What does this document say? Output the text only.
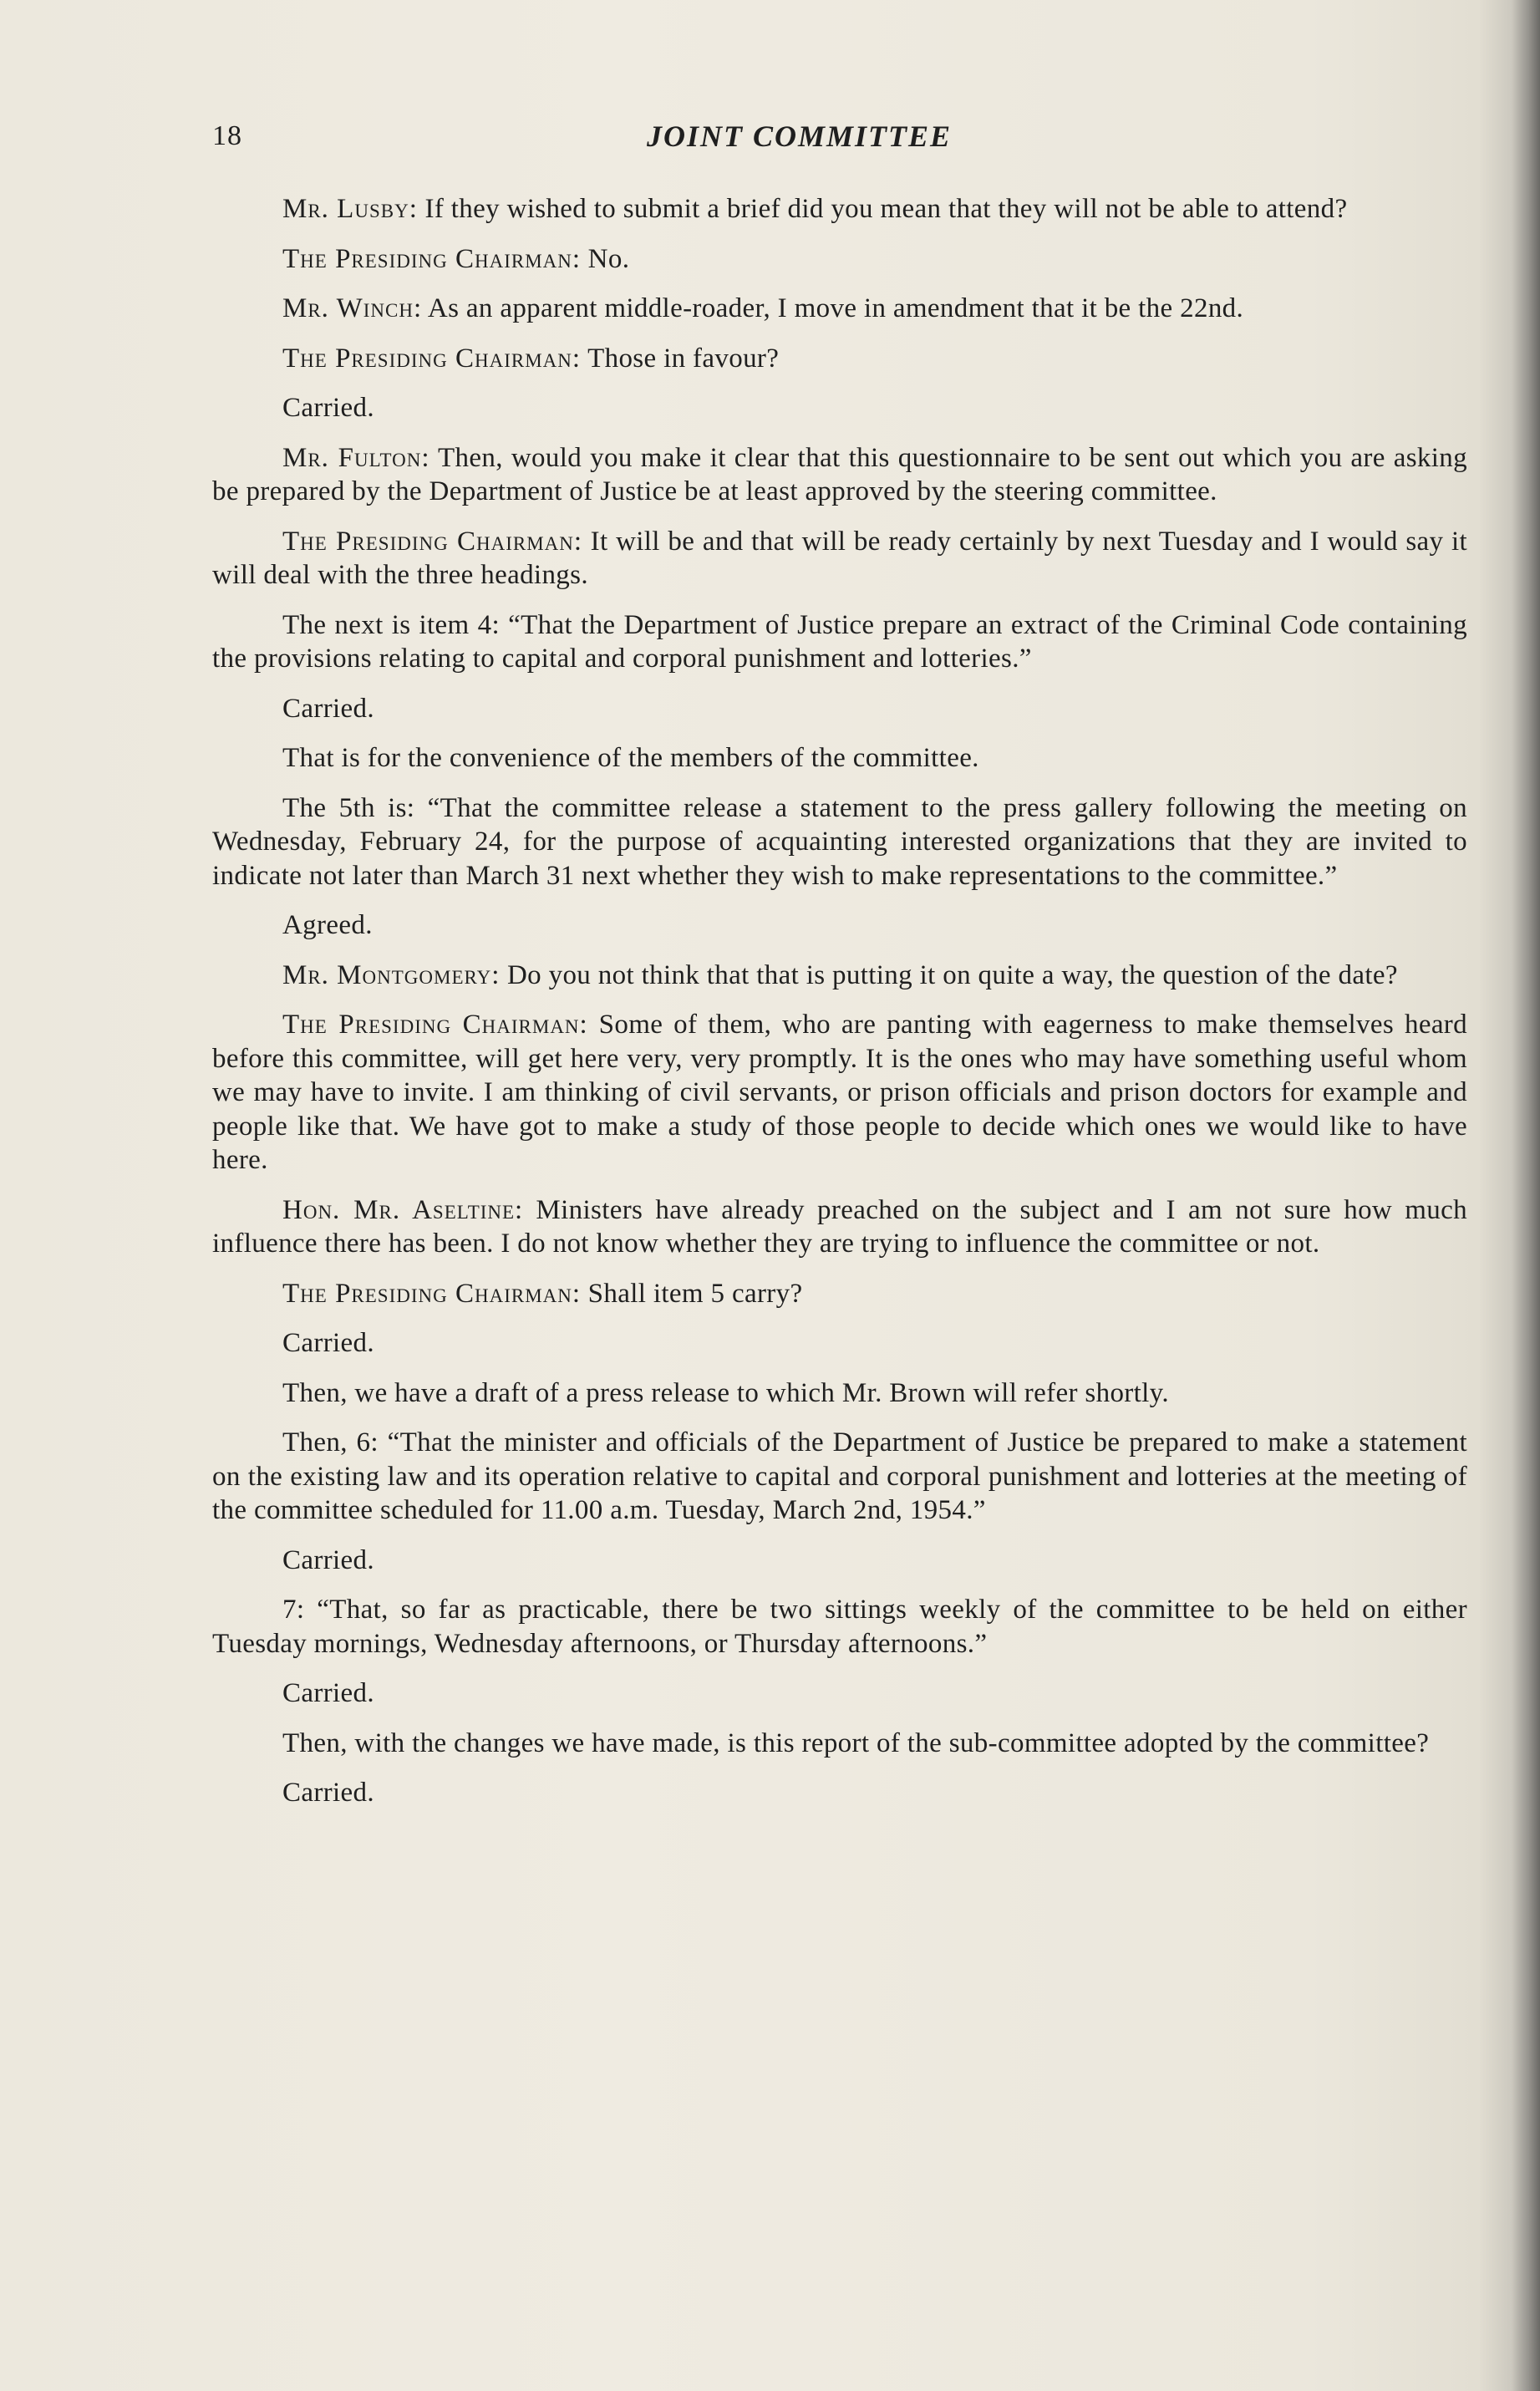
18	JOINT COMMITTEE

Mr. Lusby: If they wished to submit a brief did you mean that they will not be able to attend?

The Presiding Chairman: No.

Mr. Winch: As an apparent middle-roader, I move in amendment that it be the 22nd.

The Presiding Chairman: Those in favour?

Carried.

Mr. Fulton: Then, would you make it clear that this questionnaire to be sent out which you are asking be prepared by the Department of Justice be at least approved by the steering committee.

The Presiding Chairman: It will be and that will be ready certainly by next Tuesday and I would say it will deal with the three headings.

The next is item 4: “That the Department of Justice prepare an extract of the Criminal Code containing the provisions relating to capital and corporal punishment and lotteries.”

Carried.

That is for the convenience of the members of the committee.

The 5th is: “That the committee release a statement to the press gallery following the meeting on Wednesday, February 24, for the purpose of acquainting interested organizations that they are invited to indicate not later than March 31 next whether they wish to make representations to the committee.”

Agreed.

Mr. Montgomery: Do you not think that that is putting it on quite a way, the question of the date?

The Presiding Chairman: Some of them, who are panting with eagerness to make themselves heard before this committee, will get here very, very promptly. It is the ones who may have something useful whom we may have to invite. I am thinking of civil servants, or prison officials and prison doctors for example and people like that. We have got to make a study of those people to decide which ones we would like to have here.

Hon. Mr. Aseltine: Ministers have already preached on the subject and I am not sure how much influence there has been. I do not know whether they are trying to influence the committee or not.

The Presiding Chairman: Shall item 5 carry?

Carried.

Then, we have a draft of a press release to which Mr. Brown will refer shortly.

Then, 6: “That the minister and officials of the Department of Justice be prepared to make a statement on the existing law and its operation relative to capital and corporal punishment and lotteries at the meeting of the committee scheduled for 11.00 a.m. Tuesday, March 2nd, 1954.”

Carried.

7: “That, so far as practicable, there be two sittings weekly of the committee to be held on either Tuesday mornings, Wednesday afternoons, or Thursday afternoons.”

Carried.

Then, with the changes we have made, is this report of the sub-committee adopted by the committee?

Carried.
